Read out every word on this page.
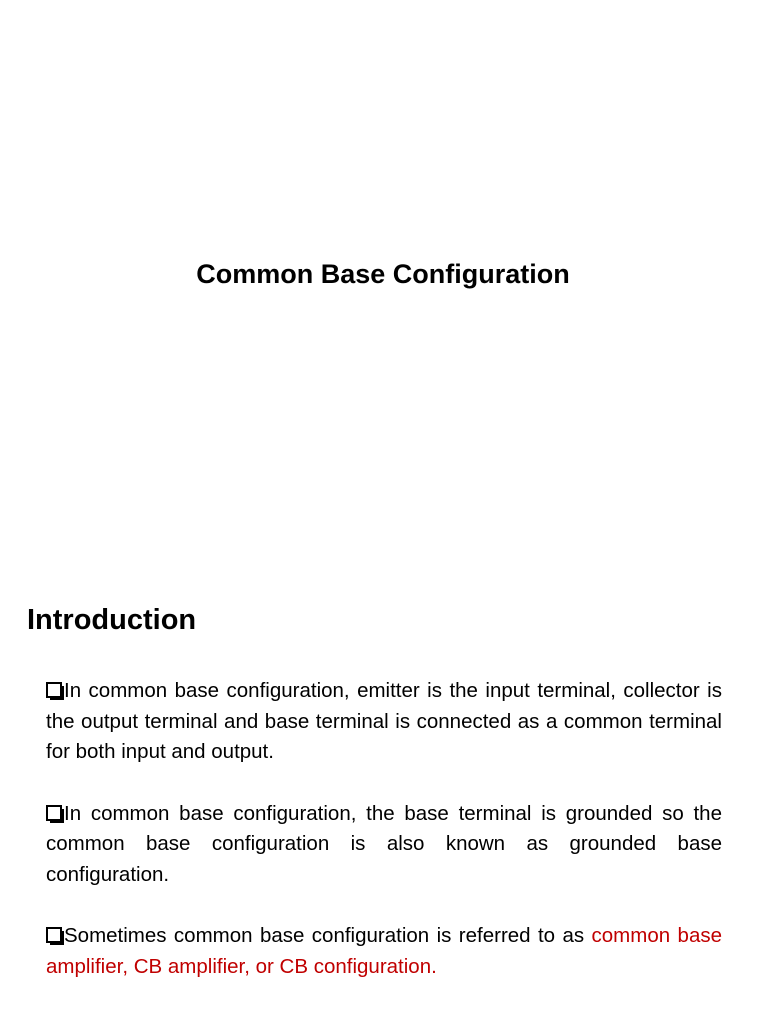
Common Base Configuration
Introduction
In common base configuration, emitter is the input terminal, collector is the output terminal and base terminal is connected as a common terminal for both input and output.
In common base configuration, the base terminal is grounded so the common base configuration is also known as grounded base configuration.
Sometimes common base configuration is referred to as common base amplifier, CB amplifier, or CB configuration.
